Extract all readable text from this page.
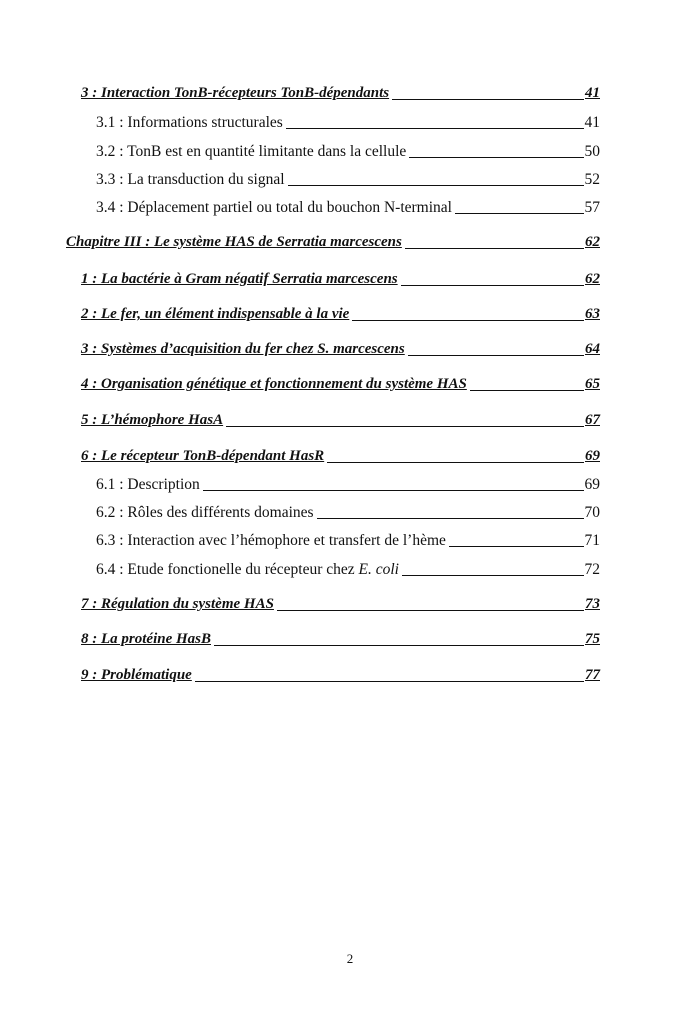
3 : Interaction TonB-récepteurs TonB-dépendants	41
3.1 : Informations structurales	41
3.2 : TonB est en quantité limitante dans la cellule	50
3.3 : La transduction du signal	52
3.4 : Déplacement partiel ou total du bouchon N-terminal	57
Chapitre III : Le système HAS de Serratia marcescens	62
1 : La bactérie à Gram négatif Serratia marcescens	62
2 : Le fer, un élément indispensable à la vie	63
3 : Systèmes d’acquisition du fer chez S. marcescens	64
4 : Organisation génétique et fonctionnement du système HAS	65
5 : L’hémophore HasA	67
6 : Le récepteur TonB-dépendant HasR	69
6.1 : Description	69
6.2 : Rôles des différents domaines	70
6.3 : Interaction avec l’hémophore et transfert de l’hème	71
6.4 : Etude fonctionelle du récepteur chez E. coli	72
7 : Régulation du système HAS	73
8 : La protéine HasB	75
9 : Problématique	77
2
